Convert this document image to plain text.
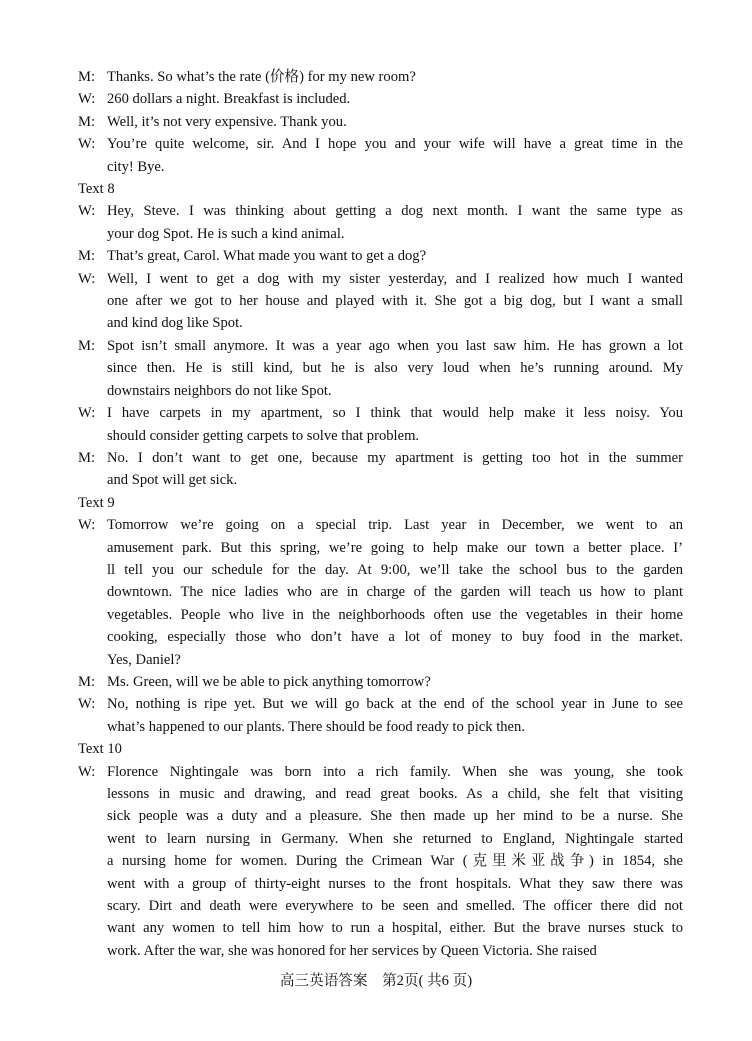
M: Thanks. So what’s the rate (价格) for my new room?
W: 260 dollars a night. Breakfast is included.
M: Well, it’s not very expensive. Thank you.
W: You’re quite welcome, sir. And I hope you and your wife will have a great time in the
city! Bye.
Text 8
W: Hey, Steve. I was thinking about getting a dog next month. I want the same type as
your dog Spot. He is such a kind animal.
M: That’s great, Carol. What made you want to get a dog?
W: Well, I went to get a dog with my sister yesterday, and I realized how much I wanted
one after we got to her house and played with it. She got a big dog, but I want a small
and kind dog like Spot.
M: Spot isn’t small anymore. It was a year ago when you last saw him. He has grown a lot
since then. He is still kind, but he is also very loud when he’s running around. My
downstairs neighbors do not like Spot.
W: I have carpets in my apartment, so I think that would help make it less noisy. You
should consider getting carpets to solve that problem.
M: No. I don’t want to get one, because my apartment is getting too hot in the summer
and Spot will get sick.
Text 9
W: Tomorrow we’re going on a special trip. Last year in December, we went to an
amusement park. But this spring, we’re going to help make our town a better place. I’
ll tell you our schedule for the day. At 9:00, we’ll take the school bus to the garden
downtown. The nice ladies who are in charge of the garden will teach us how to plant
vegetables. People who live in the neighborhoods often use the vegetables in their home
cooking, especially those who don’t have a lot of money to buy food in the market.
Yes, Daniel?
M: Ms. Green, will we be able to pick anything tomorrow?
W: No, nothing is ripe yet. But we will go back at the end of the school year in June to see
what’s happened to our plants. There should be food ready to pick then.
Text 10
W: Florence Nightingale was born into a rich family. When she was young, she took
lessons in music and drawing, and read great books. As a child, she felt that visiting
sick people was a duty and a pleasure. She then made up her mind to be a nurse. She
went to learn nursing in Germany. When she returned to England, Nightingale started
a nursing home for women. During the Crimean War (克里米亚战争) in 1854, she
went with a group of thirty-eight nurses to the front hospitals. What they saw there was
scary. Dirt and death were everywhere to be seen and smelled. The officer there did not
want any women to tell him how to run a hospital, either. But the brave nurses stuck to
work. After the war, she was honored for her services by Queen Victoria. She raised
高三英语答案　第2页( 共6 页)
